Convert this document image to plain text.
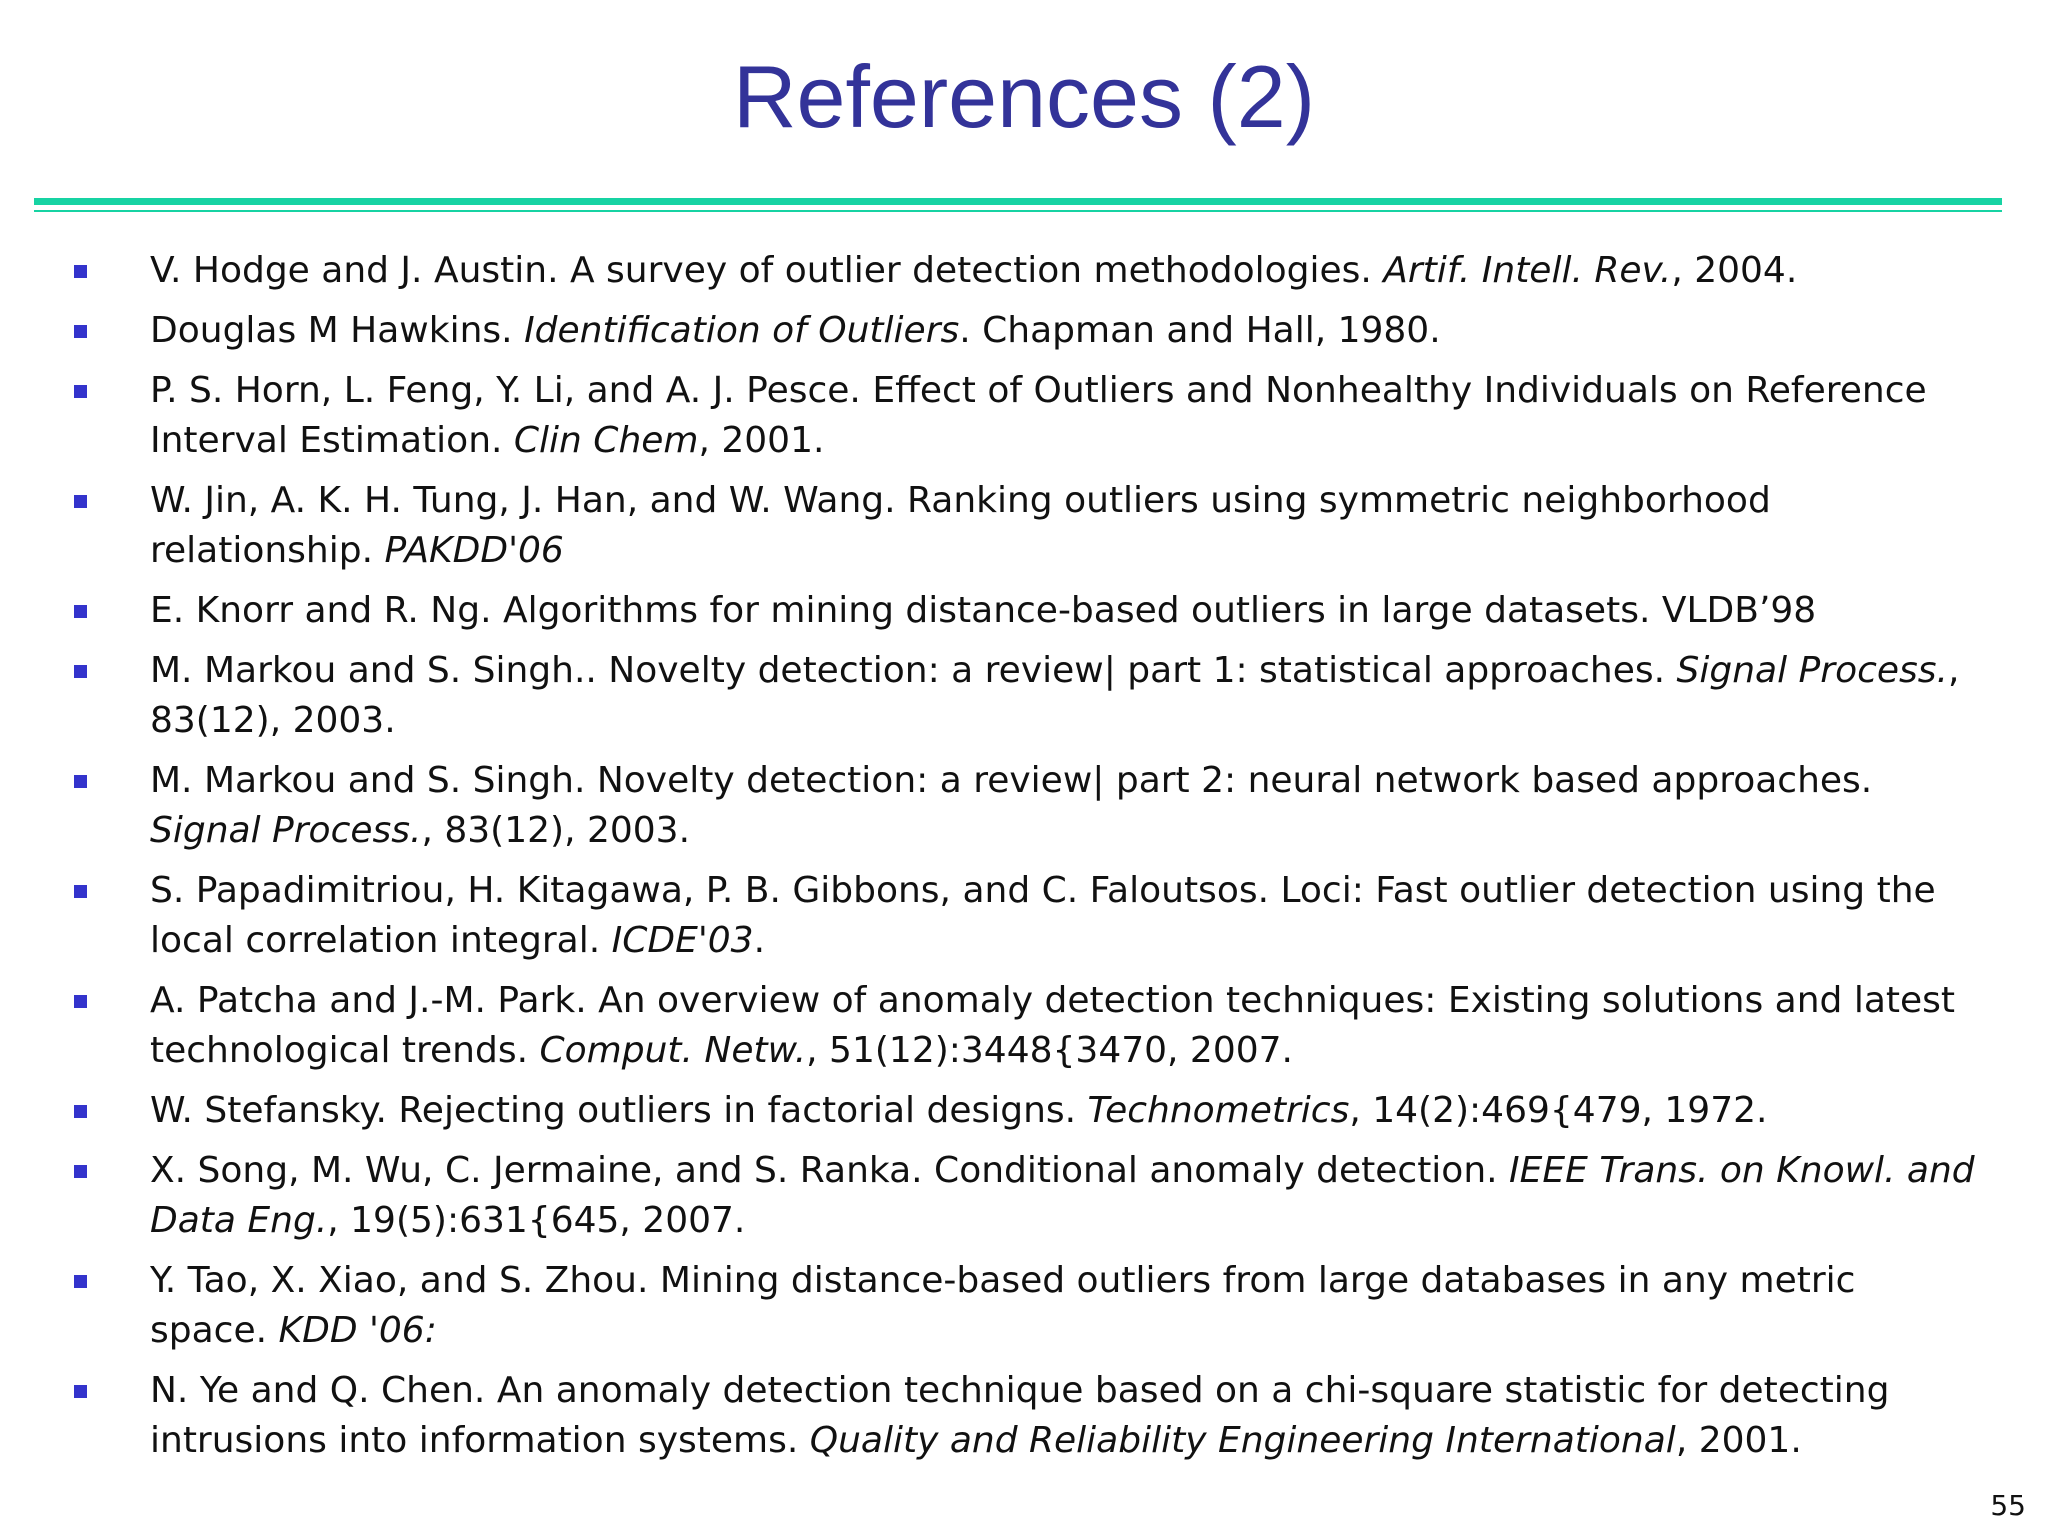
References (2)
V. Hodge and J. Austin. A survey of outlier detection methodologies. Artif. Intell. Rev., 2004.
Douglas M Hawkins. Identification of Outliers. Chapman and Hall, 1980.
P. S. Horn, L. Feng, Y. Li, and A. J. Pesce. Effect of Outliers and Nonhealthy Individuals on Reference Interval Estimation. Clin Chem, 2001.
W. Jin, A. K. H. Tung, J. Han, and W. Wang. Ranking outliers using symmetric neighborhood relationship. PAKDD'06
E. Knorr and R. Ng. Algorithms for mining distance-based outliers in large datasets. VLDB’98
M. Markou and S. Singh.. Novelty detection: a review| part 1: statistical approaches. Signal Process., 83(12), 2003.
M. Markou and S. Singh. Novelty detection: a review| part 2: neural network based approaches. Signal Process., 83(12), 2003.
S. Papadimitriou, H. Kitagawa, P. B. Gibbons, and C. Faloutsos. Loci: Fast outlier detection using the local correlation integral. ICDE'03.
A. Patcha and J.-M. Park. An overview of anomaly detection techniques: Existing solutions and latest technological trends. Comput. Netw., 51(12):3448{3470, 2007.
W. Stefansky. Rejecting outliers in factorial designs. Technometrics, 14(2):469{479, 1972.
X. Song, M. Wu, C. Jermaine, and S. Ranka. Conditional anomaly detection. IEEE Trans. on Knowl. and Data Eng., 19(5):631{645, 2007.
Y. Tao, X. Xiao, and S. Zhou. Mining distance-based outliers from large databases in any metric space. KDD '06:
N. Ye and Q. Chen. An anomaly detection technique based on a chi-square statistic for detecting intrusions into information systems. Quality and Reliability Engineering International, 2001.
55
